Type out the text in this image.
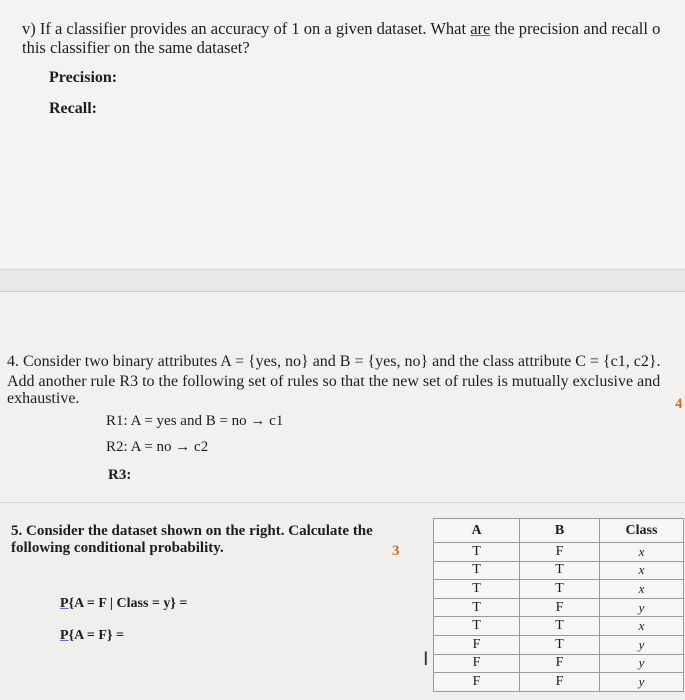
v) If a classifier provides an accuracy of 1 on a given dataset. What are the precision and recall o
this classifier on the same dataset?
Precision:
Recall:
4. Consider two binary attributes A = {yes, no} and B = {yes, no} and the class attribute C = {c1, c2}.
Add another rule R3 to the following set of rules so that the new set of rules is mutually exclusive and
exhaustive.	4
R1: A = yes and B = no → c1
R2: A = no → c2
R3:
5. Consider the dataset shown on the right. Calculate the
following conditional probability.	3
P{A = F | Class = y} =
P{A = F} =
I
A	B	Class
T	F	x
T	T	x
T	T	x
T	F	y
T	T	x
F	T	y
F	F	y
F	F	y
